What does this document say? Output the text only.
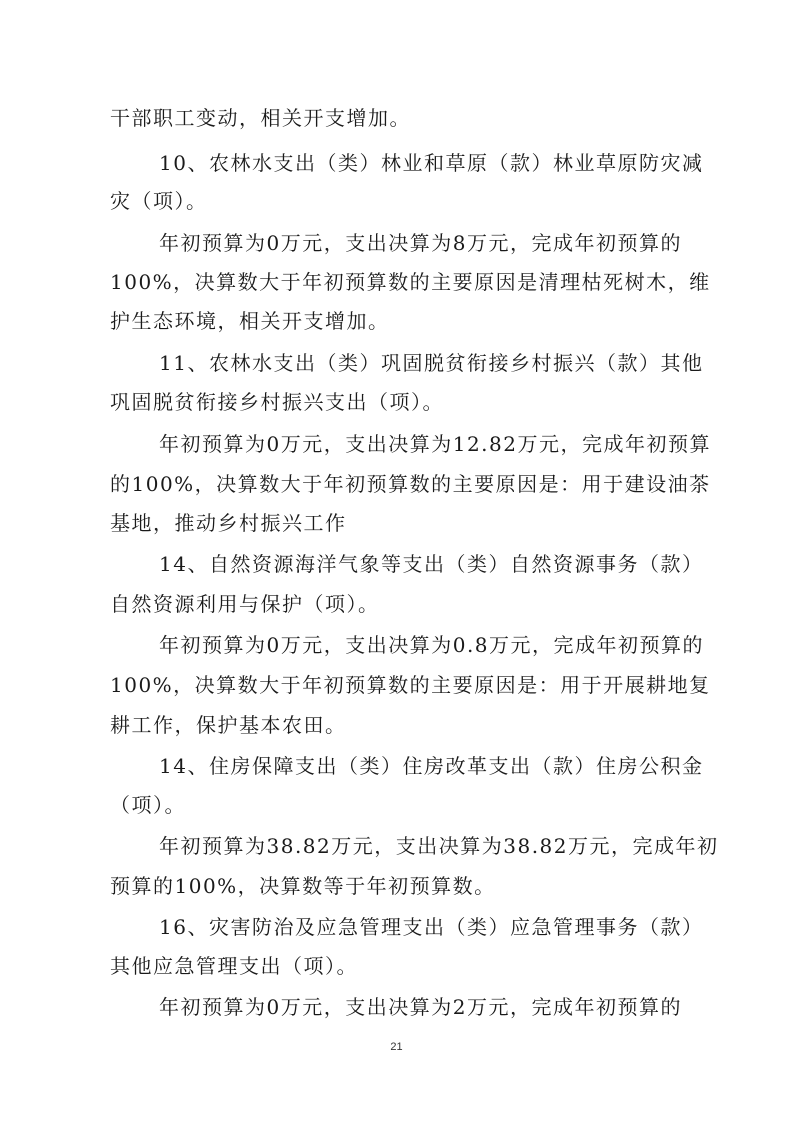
干部职工变动，相关开支增加。
10、农林水支出（类）林业和草原（款）林业草原防灾减
灾（项）。
年初预算为0万元，支出决算为8万元，完成年初预算的
100%，决算数大于年初预算数的主要原因是清理枯死树木，维
护生态环境，相关开支增加。
11、农林水支出（类）巩固脱贫衔接乡村振兴（款）其他
巩固脱贫衔接乡村振兴支出（项）。
年初预算为0万元，支出决算为12.82万元，完成年初预算
的100%，决算数大于年初预算数的主要原因是：用于建设油茶
基地，推动乡村振兴工作
14、自然资源海洋气象等支出（类）自然资源事务（款）
自然资源利用与保护（项）。
年初预算为0万元，支出决算为0.8万元，完成年初预算的
100%，决算数大于年初预算数的主要原因是：用于开展耕地复
耕工作，保护基本农田。
14、住房保障支出（类）住房改革支出（款）住房公积金
（项）。
年初预算为38.82万元，支出决算为38.82万元，完成年初
预算的100%，决算数等于年初预算数。
16、灾害防治及应急管理支出（类）应急管理事务（款）
其他应急管理支出（项）。
年初预算为0万元，支出决算为2万元，完成年初预算的
21
